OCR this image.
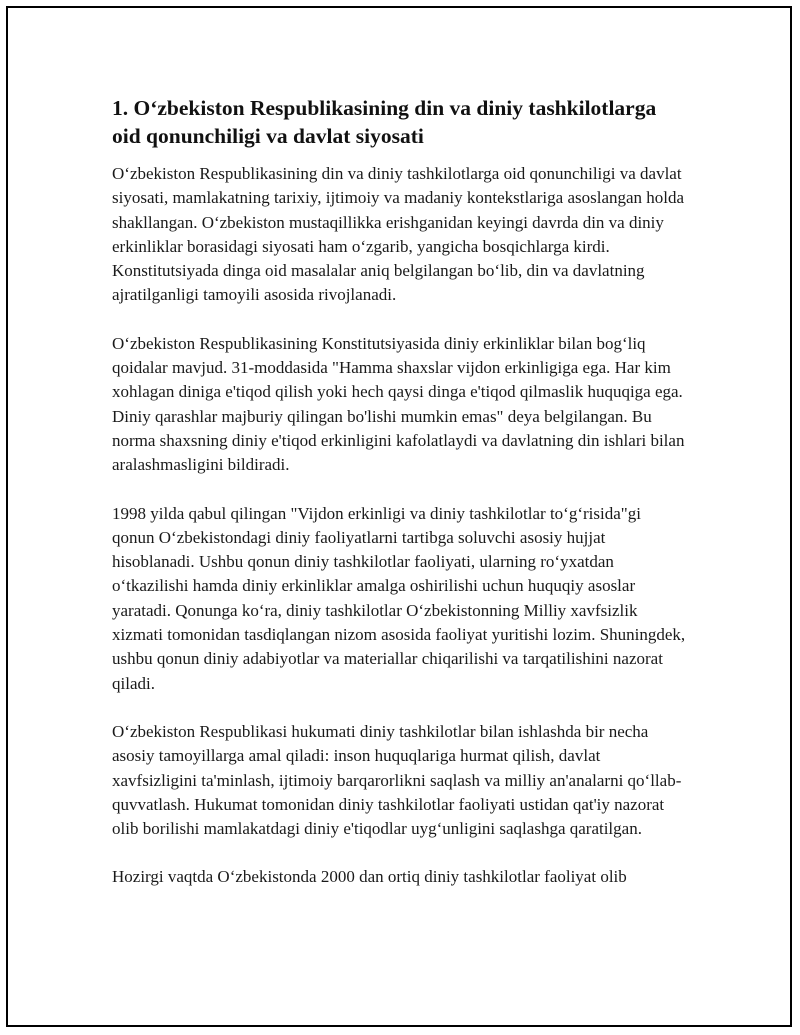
1. O‘zbekiston Respublikasining din va diniy tashkilotlarga oid qonunchiligi va davlat siyosati

O‘zbekiston Respublikasining din va diniy tashkilotlarga oid qonunchiligi va davlat siyosati, mamlakatning tarixiy, ijtimoiy va madaniy kontekstlariga asoslangan holda shakllangan. O‘zbekiston mustaqillikka erishganidan keyingi davrda din va diniy erkinliklar borasidagi siyosati ham o‘zgarib, yangicha bosqichlarga kirdi. Konstitutsiyada dinga oid masalalar aniq belgilangan bo‘lib, din va davlatning ajratilganligi tamoyili asosida rivojlanadi.

O‘zbekiston Respublikasining Konstitutsiyasida diniy erkinliklar bilan bog‘liq qoidalar mavjud. 31-moddasida "Hamma shaxslar vijdon erkinligiga ega. Har kim xohlagan diniga e'tiqod qilish yoki hech qaysi dinga e'tiqod qilmaslik huquqiga ega. Diniy qarashlar majburiy qilingan bo'lishi mumkin emas" deya belgilangan. Bu norma shaxsning diniy e'tiqod erkinligini kafolatlaydi va davlatning din ishlari bilan aralashmasligini bildiradi.

1998 yilda qabul qilingan "Vijdon erkinligi va diniy tashkilotlar to‘g‘risida"gi qonun O‘zbekistondagi diniy faoliyatlarni tartibga soluvchi asosiy hujjat hisoblanadi. Ushbu qonun diniy tashkilotlar faoliyati, ularning ro‘yxatdan o‘tkazilishi hamda diniy erkinliklar amalga oshirilishi uchun huquqiy asoslar yaratadi. Qonunga ko‘ra, diniy tashkilotlar O‘zbekistonning Milliy xavfsizlik xizmati tomonidan tasdiqlangan nizom asosida faoliyat yuritishi lozim. Shuningdek, ushbu qonun diniy adabiyotlar va materiallar chiqarilishi va tarqatilishini nazorat qiladi.

O‘zbekiston Respublikasi hukumati diniy tashkilotlar bilan ishlashda bir necha asosiy tamoyillarga amal qiladi: inson huquqlariga hurmat qilish, davlat xavfsizligini ta'minlash, ijtimoiy barqarorlikni saqlash va milliy an'analarni qo‘llab-quvvatlash. Hukumat tomonidan diniy tashkilotlar faoliyati ustidan qat'iy nazorat olib borilishi mamlakatdagi diniy e'tiqodlar uyg‘unligini saqlashga qaratilgan.

Hozirgi vaqtda O‘zbekistonda 2000 dan ortiq diniy tashkilotlar faoliyat olib
